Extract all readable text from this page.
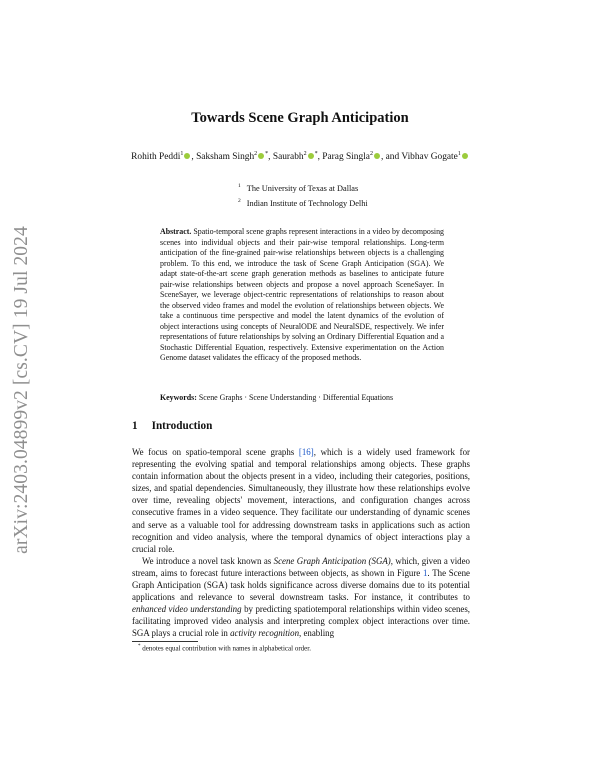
arXiv:2403.04899v2 [cs.CV] 19 Jul 2024
Towards Scene Graph Anticipation
Rohith Peddi$^1$ , Saksham Singh$^2$ *, Saurabh$^2$ *, Parag Singla$^2$ , and Vibhav Gogate$^1$
$^1$ The University of Texas at Dallas
$^2$ Indian Institute of Technology Delhi
Abstract. Spatio-temporal scene graphs represent interactions in a video by decomposing scenes into individual objects and their pair-wise temporal relationships. Long-term anticipation of the fine-grained pair-wise relationships between objects is a challenging problem. To this end, we introduce the task of Scene Graph Anticipation (SGA). We adapt state-of-the-art scene graph generation methods as baselines to anticipate future pair-wise relationships between objects and propose a novel approach SceneSayer. In SceneSayer, we leverage object-centric representations of relationships to reason about the observed video frames and model the evolution of relationships between objects. We take a continuous time perspective and model the latent dynamics of the evolution of object interactions using concepts of NeuralODE and NeuralSDE, respectively. We infer representations of future relationships by solving an Ordinary Differential Equation and a Stochastic Differential Equation, respectively. Extensive experimentation on the Action Genome dataset validates the efficacy of the proposed methods.
Keywords: Scene Graphs · Scene Understanding · Differential Equations
1 Introduction

We focus on spatio-temporal scene graphs [16], which is a widely used framework for representing the evolving spatial and temporal relationships among objects. These graphs contain information about the objects present in a video, including their categories, positions, sizes, and spatial dependencies. Simultaneously, they illustrate how these relationships evolve over time, revealing objects' movement, interactions, and configuration changes across consecutive frames in a video sequence. They facilitate our understanding of dynamic scenes and serve as a valuable tool for addressing downstream tasks in applications such as action recognition and video analysis, where the temporal dynamics of object interactions play a crucial role.

We introduce a novel task known as Scene Graph Anticipation (SGA), which, given a video stream, aims to forecast future interactions between objects, as shown in Figure 1. The Scene Graph Anticipation (SGA) task holds significance across diverse domains due to its potential applications and relevance to several downstream tasks. For instance, it contributes to enhanced video understanding by predicting spatiotemporal relationships within video scenes, facilitating improved video analysis and interpreting complex object interactions over time. SGA plays a crucial role in activity recognition, enabling

* denotes equal contribution with names in alphabetical order.
